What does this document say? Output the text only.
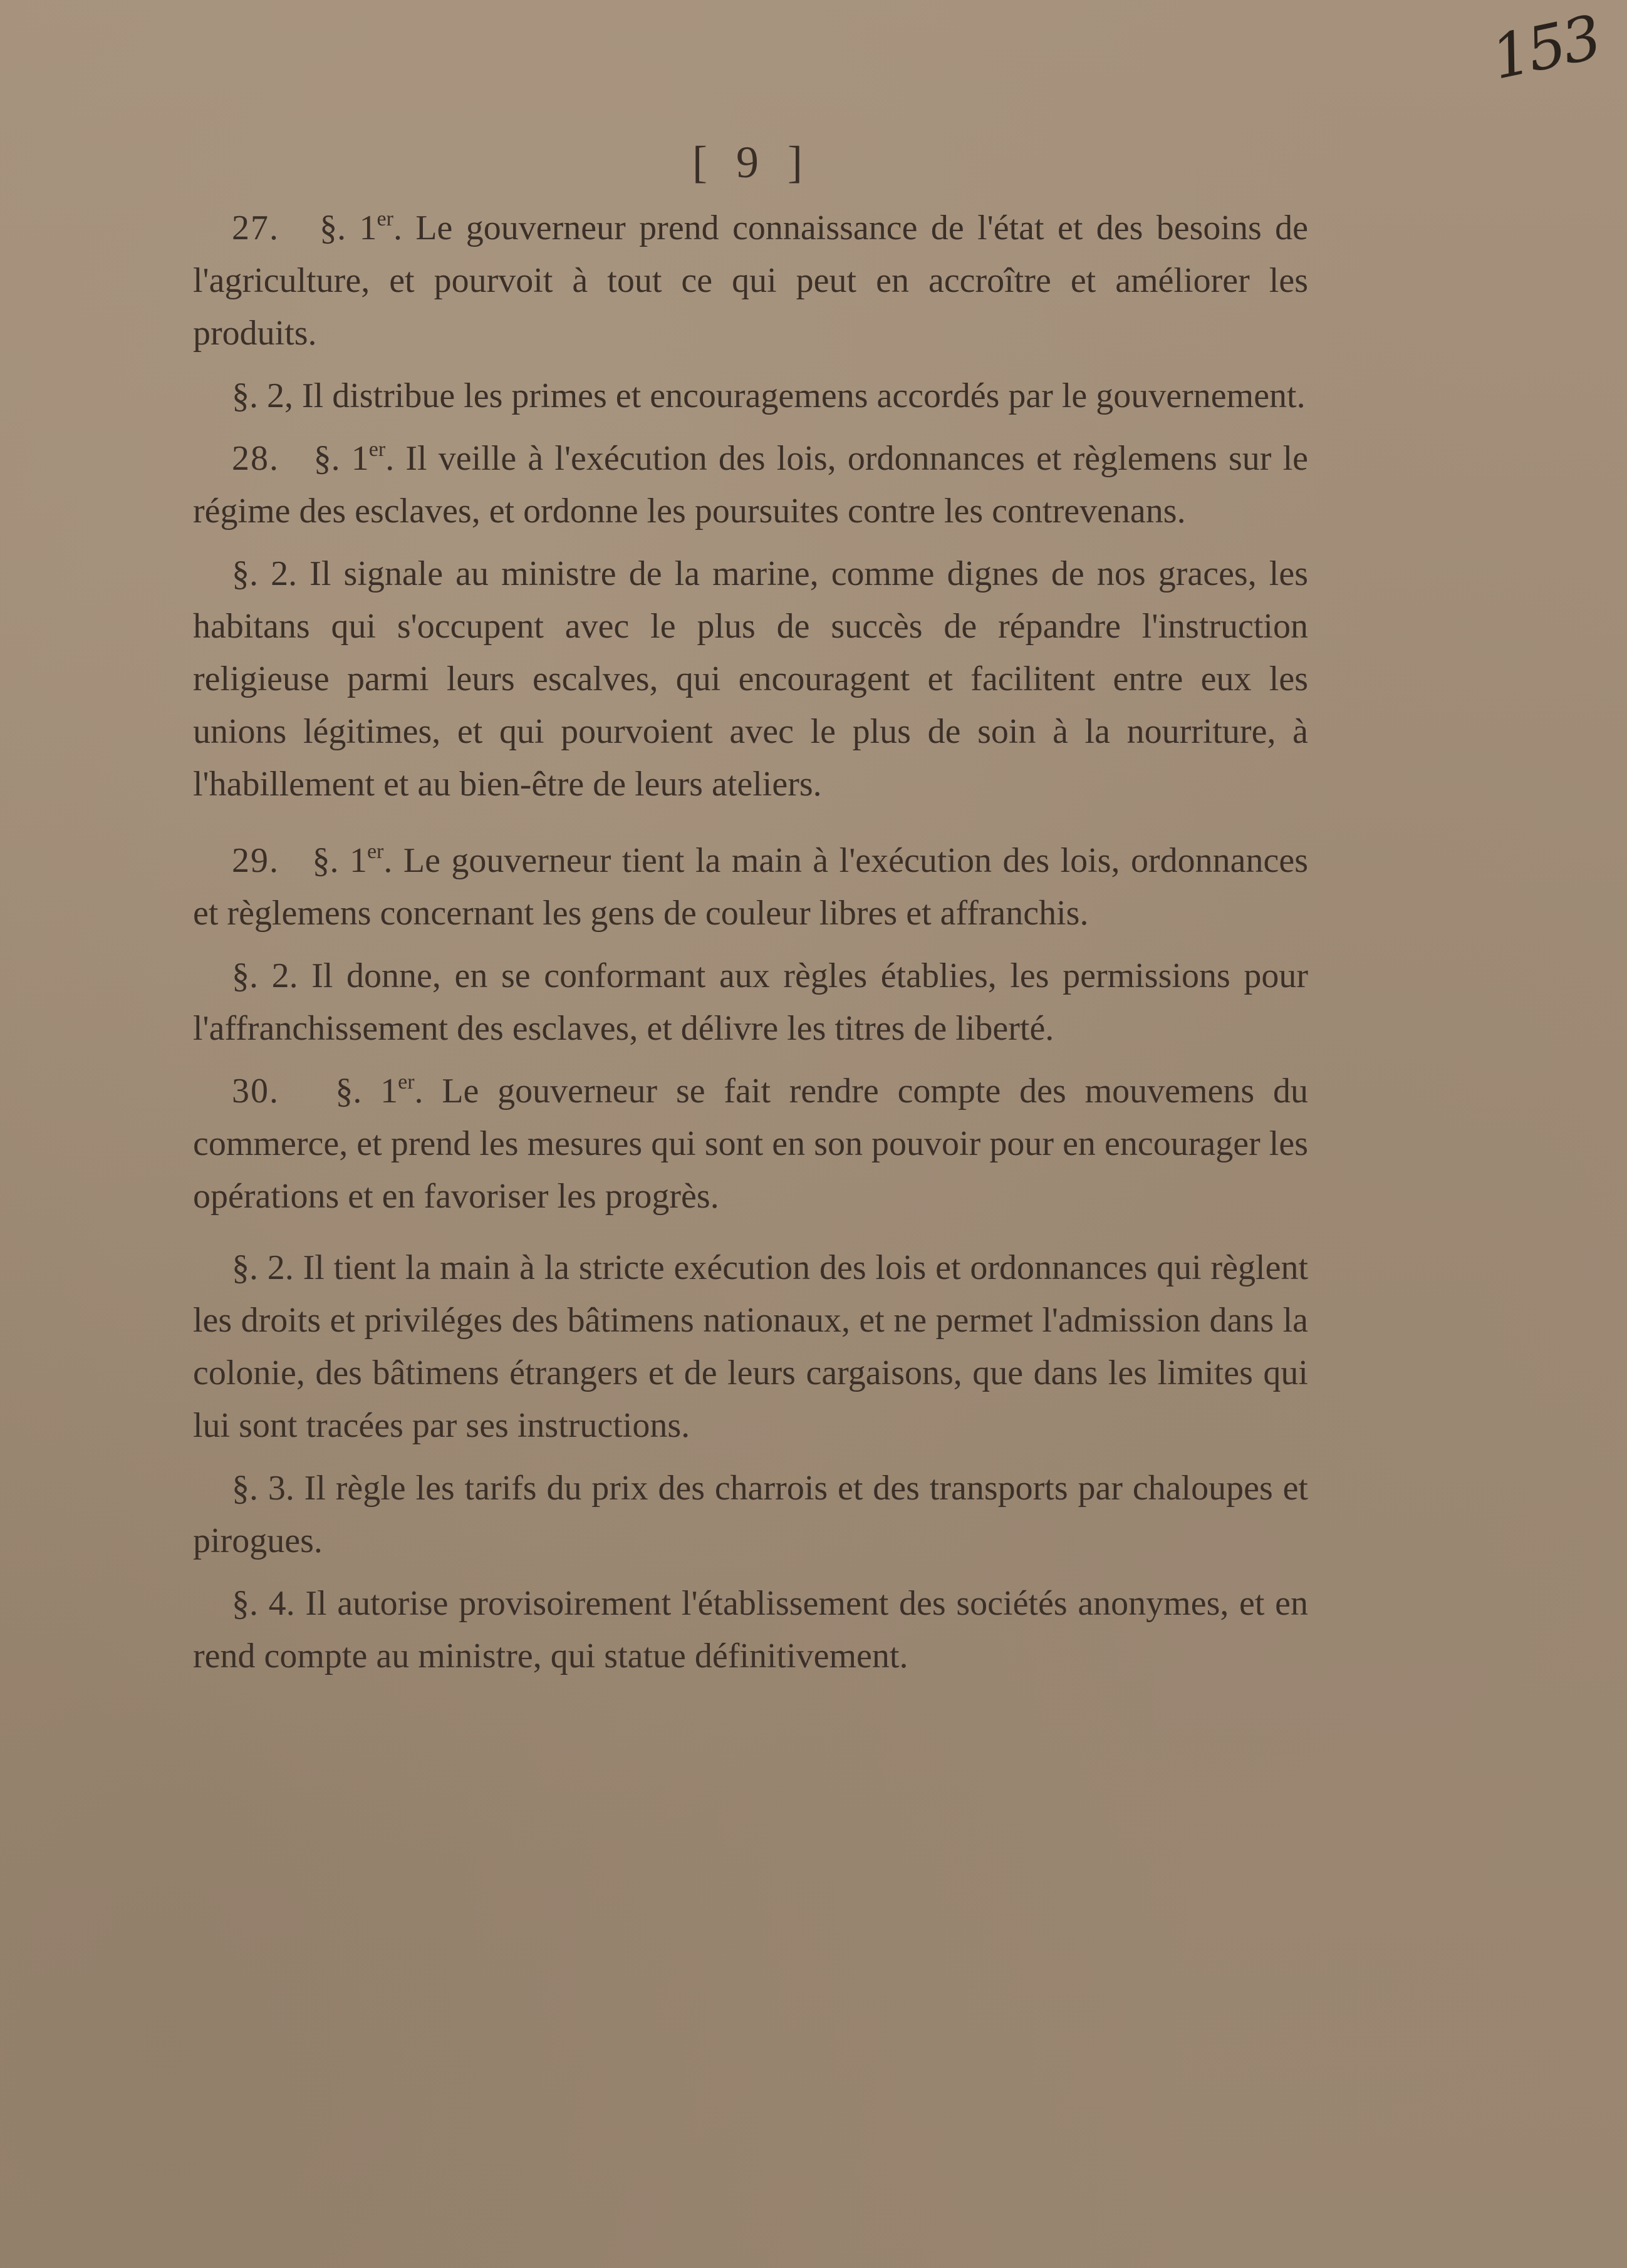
153
[ 9 ]

27. §. 1er. Le gouverneur prend connaissance de l'état et des besoins de l'agriculture, et pourvoit à tout ce qui peut en accroître et améliorer les produits.

§. 2, Il distribue les primes et encouragemens accordés par le gouvernement.

28. §. 1er. Il veille à l'exécution des lois, ordonnances et règlemens sur le régime des esclaves, et ordonne les poursuites contre les contrevenans.

§. 2. Il signale au ministre de la marine, comme dignes de nos graces, les habitans qui s'occupent avec le plus de succès de répandre l'instruction religieuse parmi leurs escalves, qui encouragent et facilitent entre eux les unions légitimes, et qui pourvoient avec le plus de soin à la nourriture, à l'habillement et au bien-être de leurs ateliers.

29. §. 1er. Le gouverneur tient la main à l'exécution des lois, ordonnances et règlemens concernant les gens de couleur libres et affranchis.

§. 2. Il donne, en se conformant aux règles établies, les permissions pour l'affranchissement des esclaves, et délivre les titres de liberté.

30. §. 1er. Le gouverneur se fait rendre compte des mouvemens du commerce, et prend les mesures qui sont en son pouvoir pour en encourager les opérations et en favoriser les progrès.

§. 2. Il tient la main à la stricte exécution des lois et ordonnances qui règlent les droits et priviléges des bâtimens nationaux, et ne permet l'admission dans la colonie, des bâtimens étrangers et de leurs cargaisons, que dans les limites qui lui sont tracées par ses instructions.

§. 3. Il règle les tarifs du prix des charrois et des transports par chaloupes et pirogues.

§. 4. Il autorise provisoirement l'établissement des sociétés anonymes, et en rend compte au ministre, qui statue définitivement.
